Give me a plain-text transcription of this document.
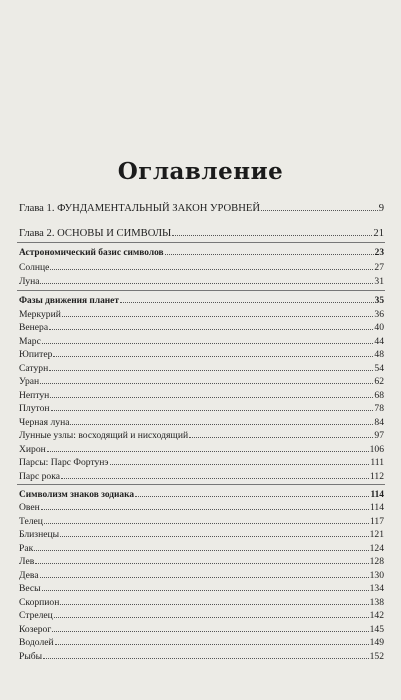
Оглавление
Глава 1. ФУНДАМЕНТАЛЬНЫЙ ЗАКОН УРОВНЕЙ	9
Глава 2. ОСНОВЫ И СИМВОЛЫ	21
Астрономический базис символов	23
Солнце	27
Луна	31
Фазы движения планет	35
Меркурий	36
Венера	40
Марс	44
Юпитер	48
Сатурн	54
Уран	62
Нептун	68
Плутон	78
Черная луна	84
Лунные узлы: восходящий и нисходящий	97
Хирон	106
Парсы: Парс Фортунэ	111
Парс рока	112
Символизм знаков зодиака	114
Овен	114
Телец	117
Близнецы	121
Рак	124
Лев	128
Дева	130
Весы	134
Скорпион	138
Стрелец	142
Козерог	145
Водолей	149
Рыбы	152
